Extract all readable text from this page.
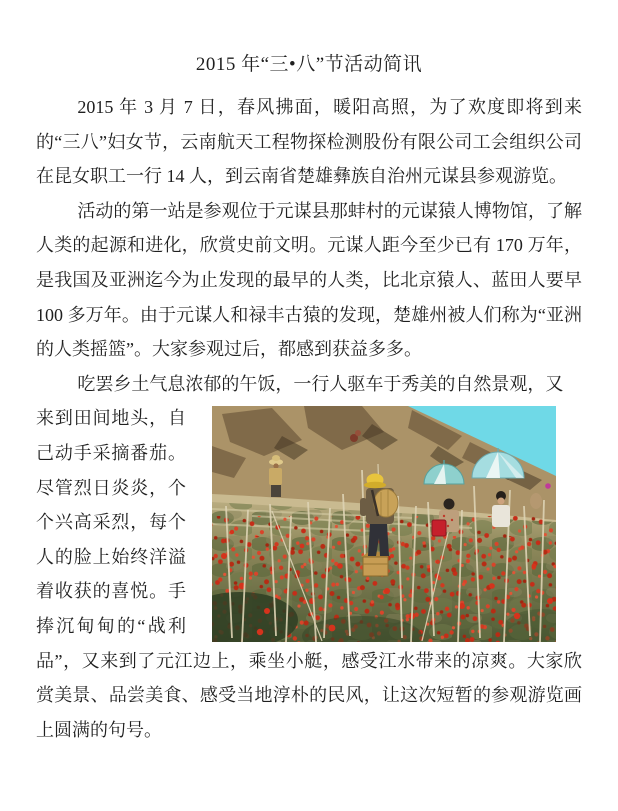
2015 年“三•八”节活动简讯

2015 年 3 月 7 日，春风拂面，暖阳高照，为了欢度即将到来的“三八”妇女节，云南航天工程物探检测股份有限公司工会组织公司在昆女职工一行 14 人，到云南省楚雄彝族自治州元谋县参观游览。

活动的第一站是参观位于元谋县那蚌村的元谋猿人博物馆，了解人类的起源和进化，欣赏史前文明。元谋人距今至少已有 170 万年，是我国及亚洲迄今为止发现的最早的人类，比北京猿人、蓝田人要早 100 多万年。由于元谋人和禄丰古猿的发现，楚雄州被人们称为“亚洲的人类摇篮”。大家参观过后，都感到获益多多。

吃罢乡土气息浓郁的午饭，一行人驱车于秀美的自然景观，又

来到田间地头，自己动手采摘番茄。尽管烈日炎炎，个个兴高采烈，每个人的脸上始终洋溢着收获的喜悦。手捧沉甸甸的“战利品”，又来到了元江边上，乘坐小艇，感受江水带来的凉爽。大家欣赏美景、品尝美食、感受当地淳朴的民风，让这次短暂的参观游览画上圆满的句号。
